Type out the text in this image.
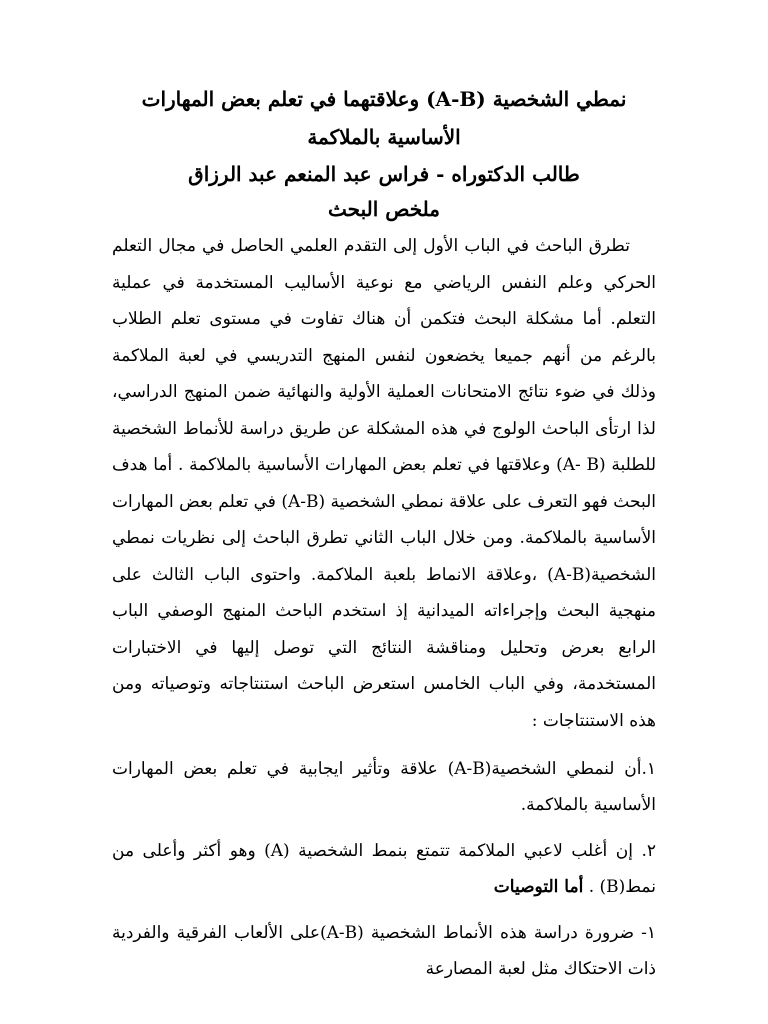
نمطي الشخصية (A-B) وعلاقتهما في تعلم بعض المهارات الأساسية بالملاكمة

طالب الدكتوراه - فراس عبد المنعم عبد الرزاق

ملخص البحث

تطرق الباحث في الباب الأول إلى التقدم العلمي الحاصل في مجال التعلم الحركي وعلم النفس الرياضي مع نوعية الأساليب المستخدمة في عملية التعلم. أما مشكلة البحث فتكمن أن هناك تفاوت في مستوى تعلم الطلاب بالرغم من أنهم جميعا يخضعون لنفس المنهج التدريسي في لعبة الملاكمة وذلك في ضوء نتائج الامتحانات العملية الأولية والنهائية ضمن المنهج الدراسي، لذا ارتأى الباحث الولوج في هذه المشكلة عن طريق دراسة للأنماط الشخصية للطلبة (A- B) وعلاقتها في تعلم بعض المهارات الأساسية بالملاكمة . أما هدف البحث فهو التعرف على علاقة نمطي الشخصية (A-B) في تعلم بعض المهارات الأساسية بالملاكمة. ومن خلال الباب الثاني تطرق الباحث إلى نظريات نمطي الشخصية(A-B) ،وعلاقة الانماط بلعبة الملاكمة. واحتوى الباب الثالث على منهجية البحث وإجراءاته الميدانية إذ استخدم الباحث المنهج الوصفي الباب الرابع بعرض وتحليل ومناقشة النتائج التي توصل إليها في الاختبارات المستخدمة، وفي الباب الخامس استعرض الباحث استنتاجاته وتوصياته ومن هذه الاستنتاجات :

١.أن لنمطي الشخصية(A-B) علاقة وتأثير ايجابية في تعلم بعض المهارات الأساسية بالملاكمة.

٢. إن أغلب لاعبي الملاكمة تتمتع بنمط الشخصية (A) وهو أكثر وأعلى من نمط(B) . أما التوصيات

١- ضرورة دراسة هذه الأنماط الشخصية (A-B)على الألعاب الفرقية والفردية ذات الاحتكاك مثل لعبة المصارعة
